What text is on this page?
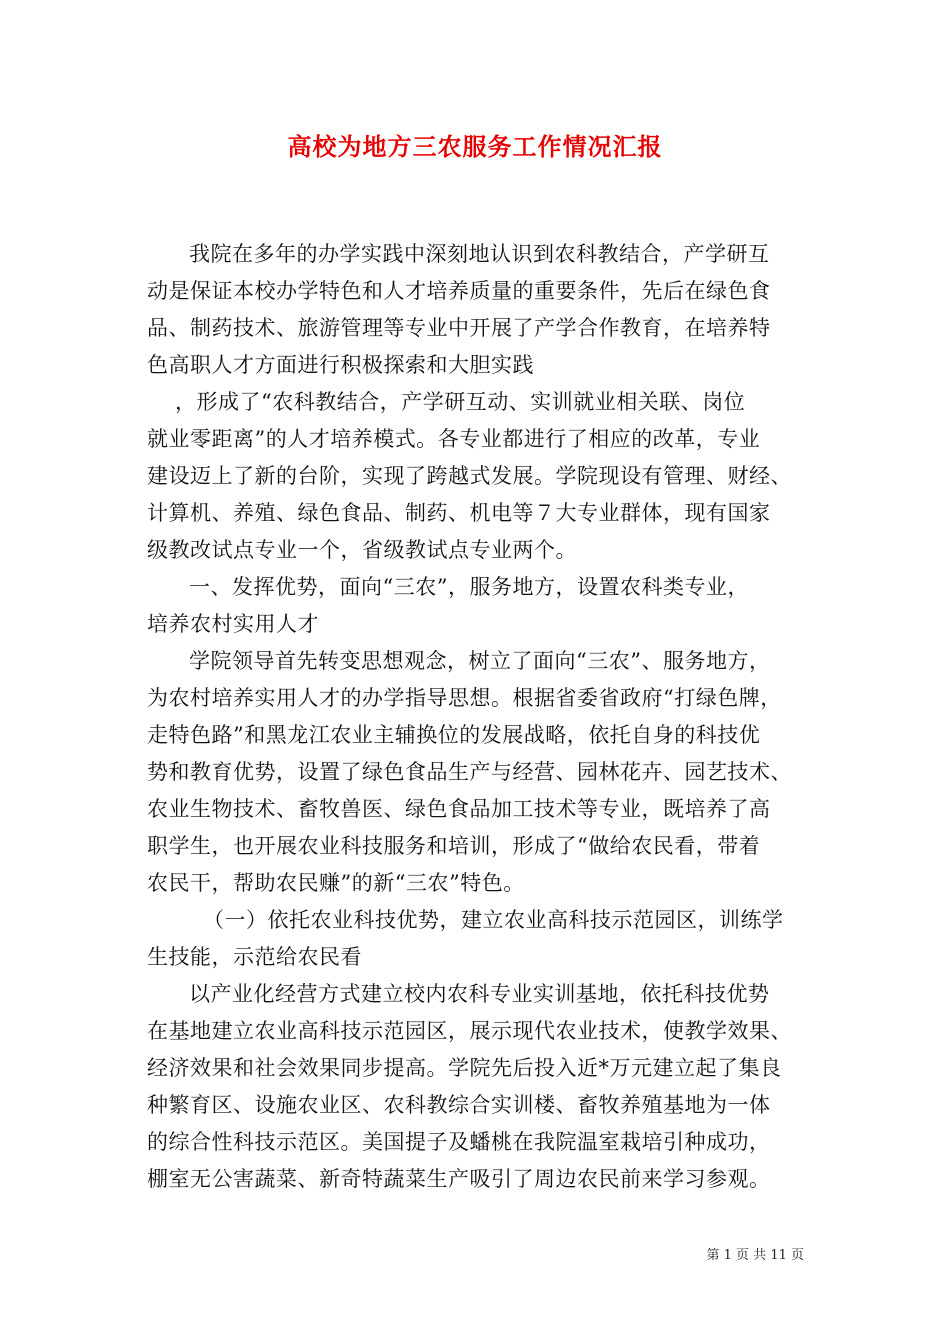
高校为地方三农服务工作情况汇报

我院在多年的办学实践中深刻地认识到农科教结合，产学研互

动是保证本校办学特色和人才培养质量的重要条件，先后在绿色食

品、制药技术、旅游管理等专业中开展了产学合作教育，在培养特

色高职人才方面进行积极探索和大胆实践

，形成了“农科教结合，产学研互动、实训就业相关联、岗位

就业零距离”的人才培养模式。各专业都进行了相应的改革，专业

建设迈上了新的台阶，实现了跨越式发展。学院现设有管理、财经、

计算机、养殖、绿色食品、制药、机电等７大专业群体，现有国家

级教改试点专业一个，省级教试点专业两个。

一、发挥优势，面向“三农”，服务地方，设置农科类专业，

培养农村实用人才

学院领导首先转变思想观念，树立了面向“三农”、服务地方，

为农村培养实用人才的办学指导思想。根据省委省政府“打绿色牌，

走特色路”和黑龙江农业主辅换位的发展战略，依托自身的科技优

势和教育优势，设置了绿色食品生产与经营、园林花卉、园艺技术、

农业生物技术、畜牧兽医、绿色食品加工技术等专业，既培养了高

职学生，也开展农业科技服务和培训，形成了“做给农民看，带着

农民干，帮助农民赚”的新“三农”特色。

（一）依托农业科技优势，建立农业高科技示范园区，训练学

生技能，示范给农民看

以产业化经营方式建立校内农科专业实训基地，依托科技优势

在基地建立农业高科技示范园区，展示现代农业技术，使教学效果、

经济效果和社会效果同步提高。学院先后投入近*万元建立起了集良

种繁育区、设施农业区、农科教综合实训楼、畜牧养殖基地为一体

的综合性科技示范区。美国提子及蟠桃在我院温室栽培引种成功，

棚室无公害蔬菜、新奇特蔬菜生产吸引了周边农民前来学习参观。

第 1 页 共 11 页
